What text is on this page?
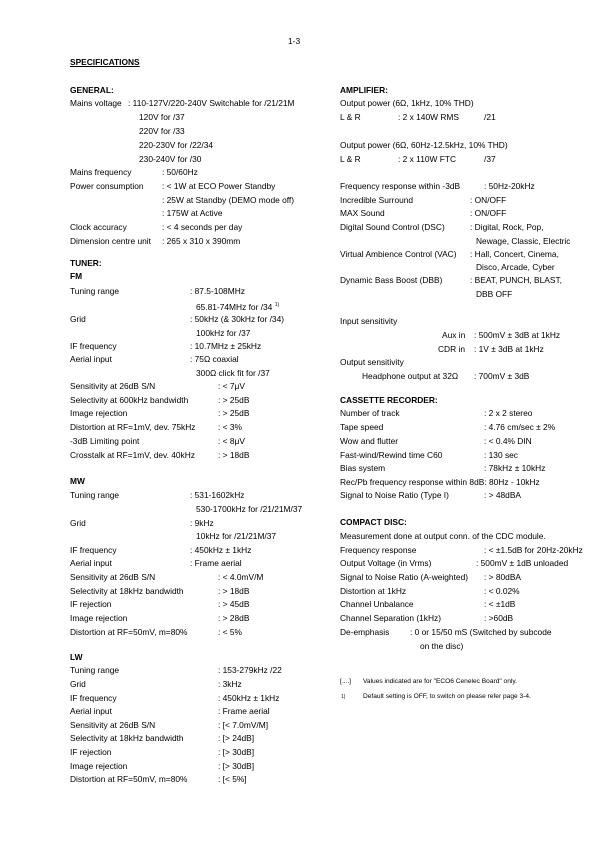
1-3
SPECIFICATIONS
GENERAL:
Mains voltage : 110-127V/220-240V Switchable for /21/21M
120V for /37
220V for /33
220-230V for /22/34
230-240V for /30
Mains frequency	: 50/60Hz
Power consumption : < 1W at ECO Power Standby
: 25W at Standby (DEMO mode off)
: 175W at Active
Clock accuracy	: < 4 seconds per day
Dimension centre unit : 265 x 310 x 390mm
TUNER:
FM
Tuning range	: 87.5-108MHz
65.81-74MHz for /34 $^{1)}$
Grid	: 50kHz (& 30kHz for /34)
100kHz for /37
IF frequency	: 10.7MHz ± 25kHz
Aerial input	: 75Ω coaxial
300Ω click fit for /37
Sensitivity at 26dB S/N	: < 7μV
Selectivity at 600kHz bandwidth	: > 25dB
Image rejection	: > 25dB
Distortion at RF=1mV, dev. 75kHz	: < 3%
-3dB Limiting point	: < 8μV
Crosstalk at RF=1mV, dev. 40kHz	: > 18dB
MW
Tuning range	: 531-1602kHz
530-1700kHz for /21/21M/37
Grid	: 9kHz
10kHz for /21/21M/37
IF frequency	: 450kHz ± 1kHz
Aerial input	: Frame aerial
Sensitivity at 26dB S/N	: < 4.0mV/M
Selectivity at 18kHz bandwidth	: > 18dB
IF rejection	: > 45dB
Image rejection	: > 28dB
Distortion at RF=50mV, m=80%	: < 5%
LW
Tuning range	: 153-279kHz /22
Grid	: 3kHz
IF frequency	: 450kHz ± 1kHz
Aerial input	: Frame aerial
Sensitivity at 26dB S/N	: [< 7.0mV/M]
Selectivity at 18kHz bandwidth	: [> 24dB]
IF rejection	: [> 30dB]
Image rejection	: [> 30dB]
Distortion at RF=50mV, m=80%	: [< 5%]
AMPLIFIER:
Output power (6Ω, 1kHz, 10% THD)
L & R	: 2 x 140W RMS	/21
Output power (6Ω, 60Hz-12.5kHz, 10% THD)
L & R	: 2 x 110W FTC	/37
Frequency response within -3dB	: 50Hz-20kHz
Incredible Surround	: ON/OFF
MAX Sound	: ON/OFF
Digital Sound Control (DSC)	: Digital, Rock, Pop,
Newage, Classic, Electric
Virtual Ambience Control (VAC) : Hall, Concert, Cinema,
Disco, Arcade, Cyber
Dynamic Bass Boost (DBB)	: BEAT, PUNCH, BLAST,
DBB OFF
Input sensitivity
Aux in : 500mV ± 3dB at 1kHz
CDR in : 1V ± 3dB at 1kHz
Output sensitivity
Headphone output at 32Ω : 700mV ± 3dB
CASSETTE RECORDER:
Number of track	: 2 x 2 stereo
Tape speed	: 4.76 cm/sec ± 2%
Wow and flutter	: < 0.4% DIN
Fast-wind/Rewind time C60	: 130 sec
Bias system	: 78kHz ± 10kHz
Rec/Pb frequency response within 8dB: 80Hz - 10kHz
Signal to Noise Ratio (Type I)	: > 48dBA
COMPACT DISC:
Measurement done at output conn. of the CDC module.
Frequency response	: < ±1.5dB for 20Hz-20kHz
Output Voltage (in Vrms)	: 500mV ± 1dB unloaded
Signal to Noise Ratio (A-weighted) : > 80dBA
Distortion at 1kHz	: < 0.02%
Channel Unbalance	: < ±1dB
Channel Separation (1kHz)	: >60dB
De-emphasis : 0 or 15/50 mS (Switched by subcode
on the disc)
[....] Values indicated are for "ECO6 Cenelec Board" only.
1)	Default setting is OFF, to switch on please refer page 3-4.
